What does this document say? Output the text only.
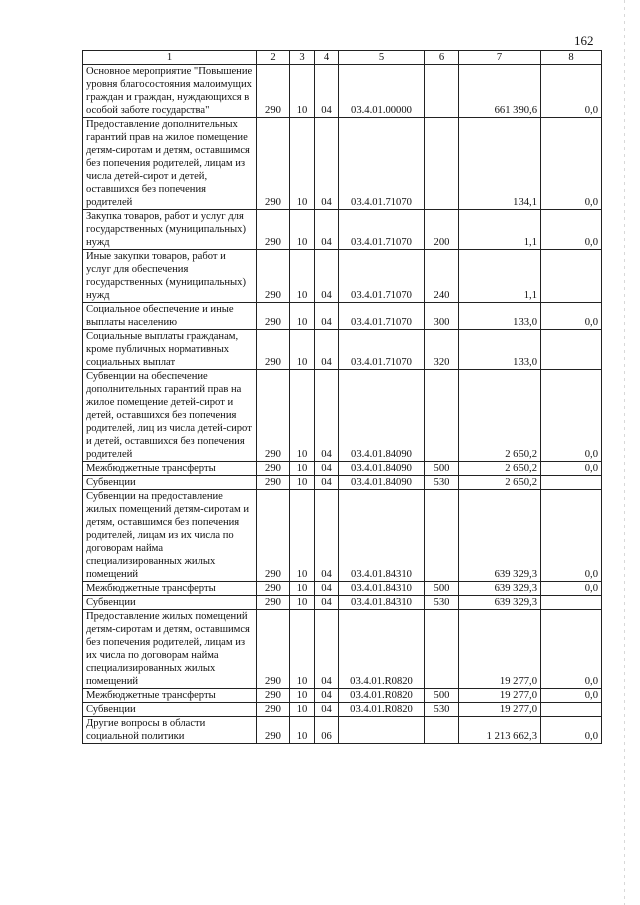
162
1	2	3	4	5	6	7	8
Основное мероприятие "Повышение уровня благосостояния малоимущих граждан и граждан, нуждающихся в особой заботе государства"	290	10	04	03.4.01.00000		661 390,6	0,0
Предоставление дополнительных гарантий прав на жилое помещение детям-сиротам и детям, оставшимся без попечения родителей, лицам из числа детей-сирот и детей, оставшихся без попечения родителей	290	10	04	03.4.01.71070		134,1	0,0
Закупка товаров, работ и услуг для государственных (муниципальных) нужд	290	10	04	03.4.01.71070	200	1,1	0,0
Иные закупки товаров, работ и услуг для обеспечения государственных (муниципальных) нужд	290	10	04	03.4.01.71070	240	1,1	
Социальное обеспечение и иные выплаты населению	290	10	04	03.4.01.71070	300	133,0	0,0
Социальные выплаты гражданам, кроме публичных нормативных социальных выплат	290	10	04	03.4.01.71070	320	133,0	
Субвенции на обеспечение дополнительных гарантий прав на жилое помещение детей-сирот и детей, оставшихся без попечения родителей, лиц из числа детей-сирот и детей, оставшихся без попечения родителей	290	10	04	03.4.01.84090		2 650,2	0,0
Межбюджетные трансферты	290	10	04	03.4.01.84090	500	2 650,2	0,0
Субвенции	290	10	04	03.4.01.84090	530	2 650,2	
Субвенции на предоставление жилых помещений детям-сиротам и детям, оставшимся без попечения родителей, лицам из их числа по договорам найма специализированных жилых помещений	290	10	04	03.4.01.84310		639 329,3	0,0
Межбюджетные трансферты	290	10	04	03.4.01.84310	500	639 329,3	0,0
Субвенции	290	10	04	03.4.01.84310	530	639 329,3	
Предоставление жилых помещений детям-сиротам и детям, оставшимся без попечения родителей, лицам из их числа по договорам найма специализированных жилых помещений	290	10	04	03.4.01.R0820		19 277,0	0,0
Межбюджетные трансферты	290	10	04	03.4.01.R0820	500	19 277,0	0,0
Субвенции	290	10	04	03.4.01.R0820	530	19 277,0	
Другие вопросы в области социальной политики	290	10	06			1 213 662,3	0,0
